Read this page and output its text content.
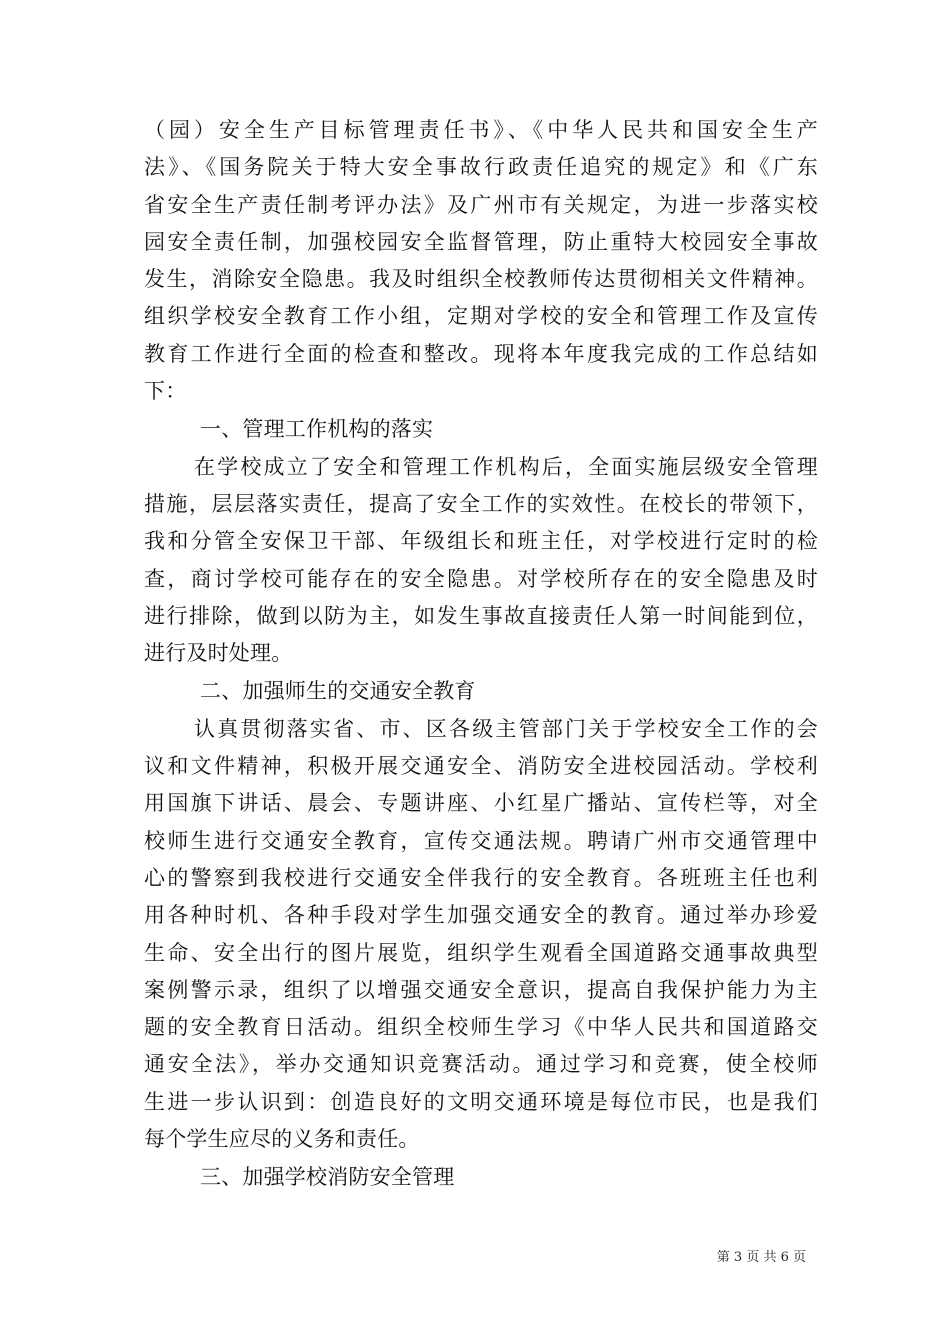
（园）安全生产目标管理责任书》、《中华人民共和国安全生产
法》、《国务院关于特大安全事故行政责任追究的规定》和《广东
省安全生产责任制考评办法》及广州市有关规定，为进一步落实校
园安全责任制，加强校园安全监督管理，防止重特大校园安全事故
发生，消除安全隐患。我及时组织全校教师传达贯彻相关文件精神。
组织学校安全教育工作小组，定期对学校的安全和管理工作及宣传
教育工作进行全面的检查和整改。现将本年度我完成的工作总结如
下：
一、管理工作机构的落实
在学校成立了安全和管理工作机构后，全面实施层级安全管理
措施，层层落实责任，提高了安全工作的实效性。在校长的带领下，
我和分管全安保卫干部、年级组长和班主任，对学校进行定时的检
查，商讨学校可能存在的安全隐患。对学校所存在的安全隐患及时
进行排除，做到以防为主，如发生事故直接责任人第一时间能到位，
进行及时处理。
二、加强师生的交通安全教育
认真贯彻落实省、市、区各级主管部门关于学校安全工作的会
议和文件精神，积极开展交通安全、消防安全进校园活动。学校利
用国旗下讲话、晨会、专题讲座、小红星广播站、宣传栏等，对全
校师生进行交通安全教育，宣传交通法规。聘请广州市交通管理中
心的警察到我校进行交通安全伴我行的安全教育。各班班主任也利
用各种时机、各种手段对学生加强交通安全的教育。通过举办珍爱
生命、安全出行的图片展览，组织学生观看全国道路交通事故典型
案例警示录，组织了以增强交通安全意识，提高自我保护能力为主
题的安全教育日活动。组织全校师生学习《中华人民共和国道路交
通安全法》，举办交通知识竞赛活动。通过学习和竞赛，使全校师
生进一步认识到：创造良好的文明交通环境是每位市民，也是我们
每个学生应尽的义务和责任。
三、加强学校消防安全管理
第 3 页 共 6 页
